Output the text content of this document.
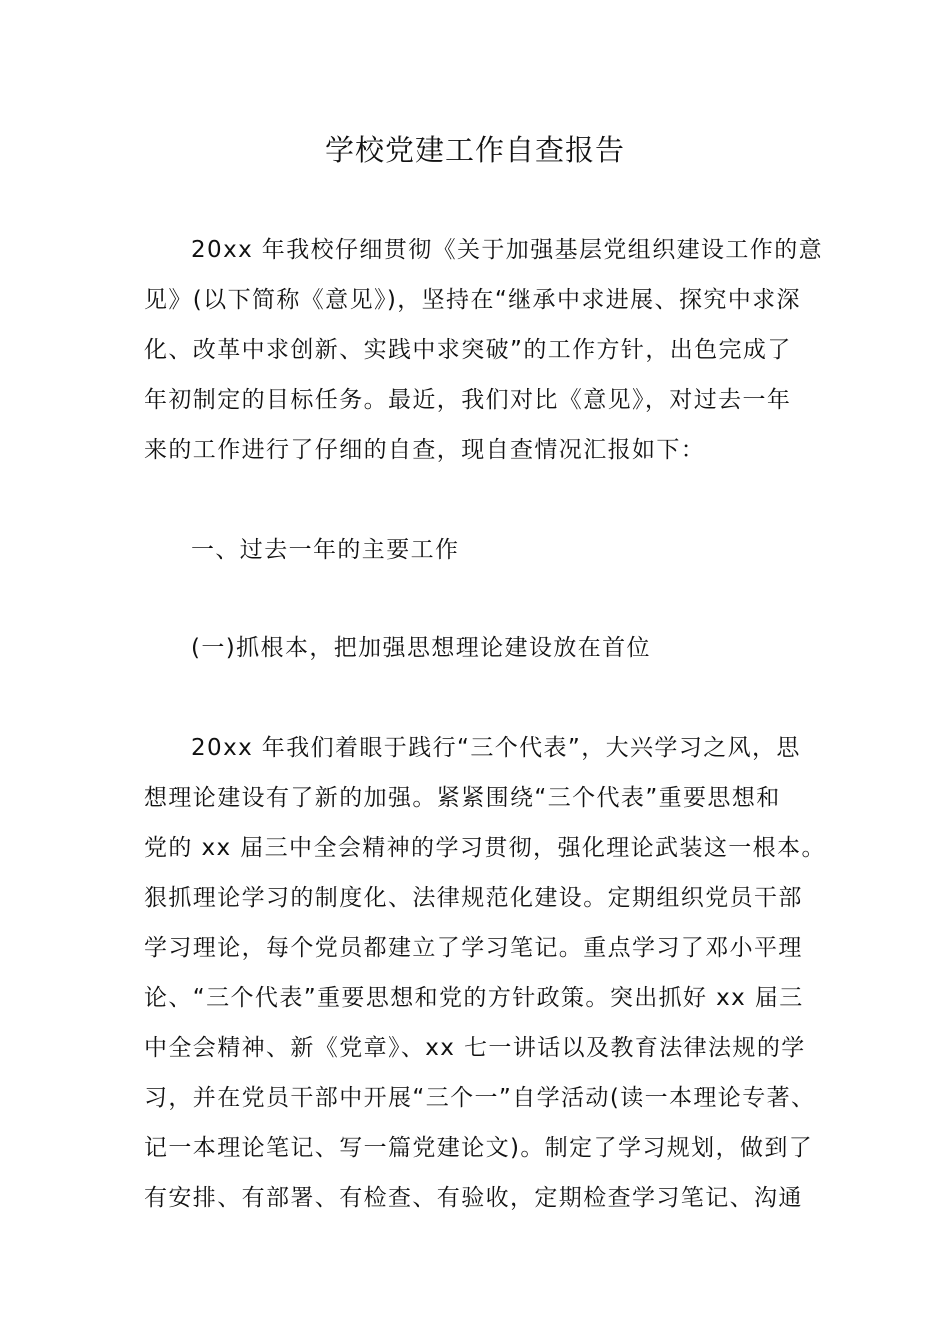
学校党建工作自查报告
20xx 年我校仔细贯彻《关于加强基层党组织建设工作的意
见》(以下简称《意见》)，坚持在“继承中求进展、探究中求深
化、改革中求创新、实践中求突破”的工作方针，出色完成了
年初制定的目标任务。最近，我们对比《意见》，对过去一年
来的工作进行了仔细的自查，现自查情况汇报如下：
一、过去一年的主要工作
(一)抓根本，把加强思想理论建设放在首位
20xx 年我们着眼于践行“三个代表”，大兴学习之风，思
想理论建设有了新的加强。紧紧围绕“三个代表”重要思想和
党的 xx 届三中全会精神的学习贯彻，强化理论武装这一根本。
狠抓理论学习的制度化、法律规范化建设。定期组织党员干部
学习理论，每个党员都建立了学习笔记。重点学习了邓小平理
论、“三个代表”重要思想和党的方针政策。突出抓好 xx 届三
中全会精神、新《党章》、xx 七一讲话以及教育法律法规的学
习，并在党员干部中开展“三个一”自学活动(读一本理论专著、
记一本理论笔记、写一篇党建论文)。制定了学习规划，做到了
有安排、有部署、有检查、有验收，定期检查学习笔记、沟通
